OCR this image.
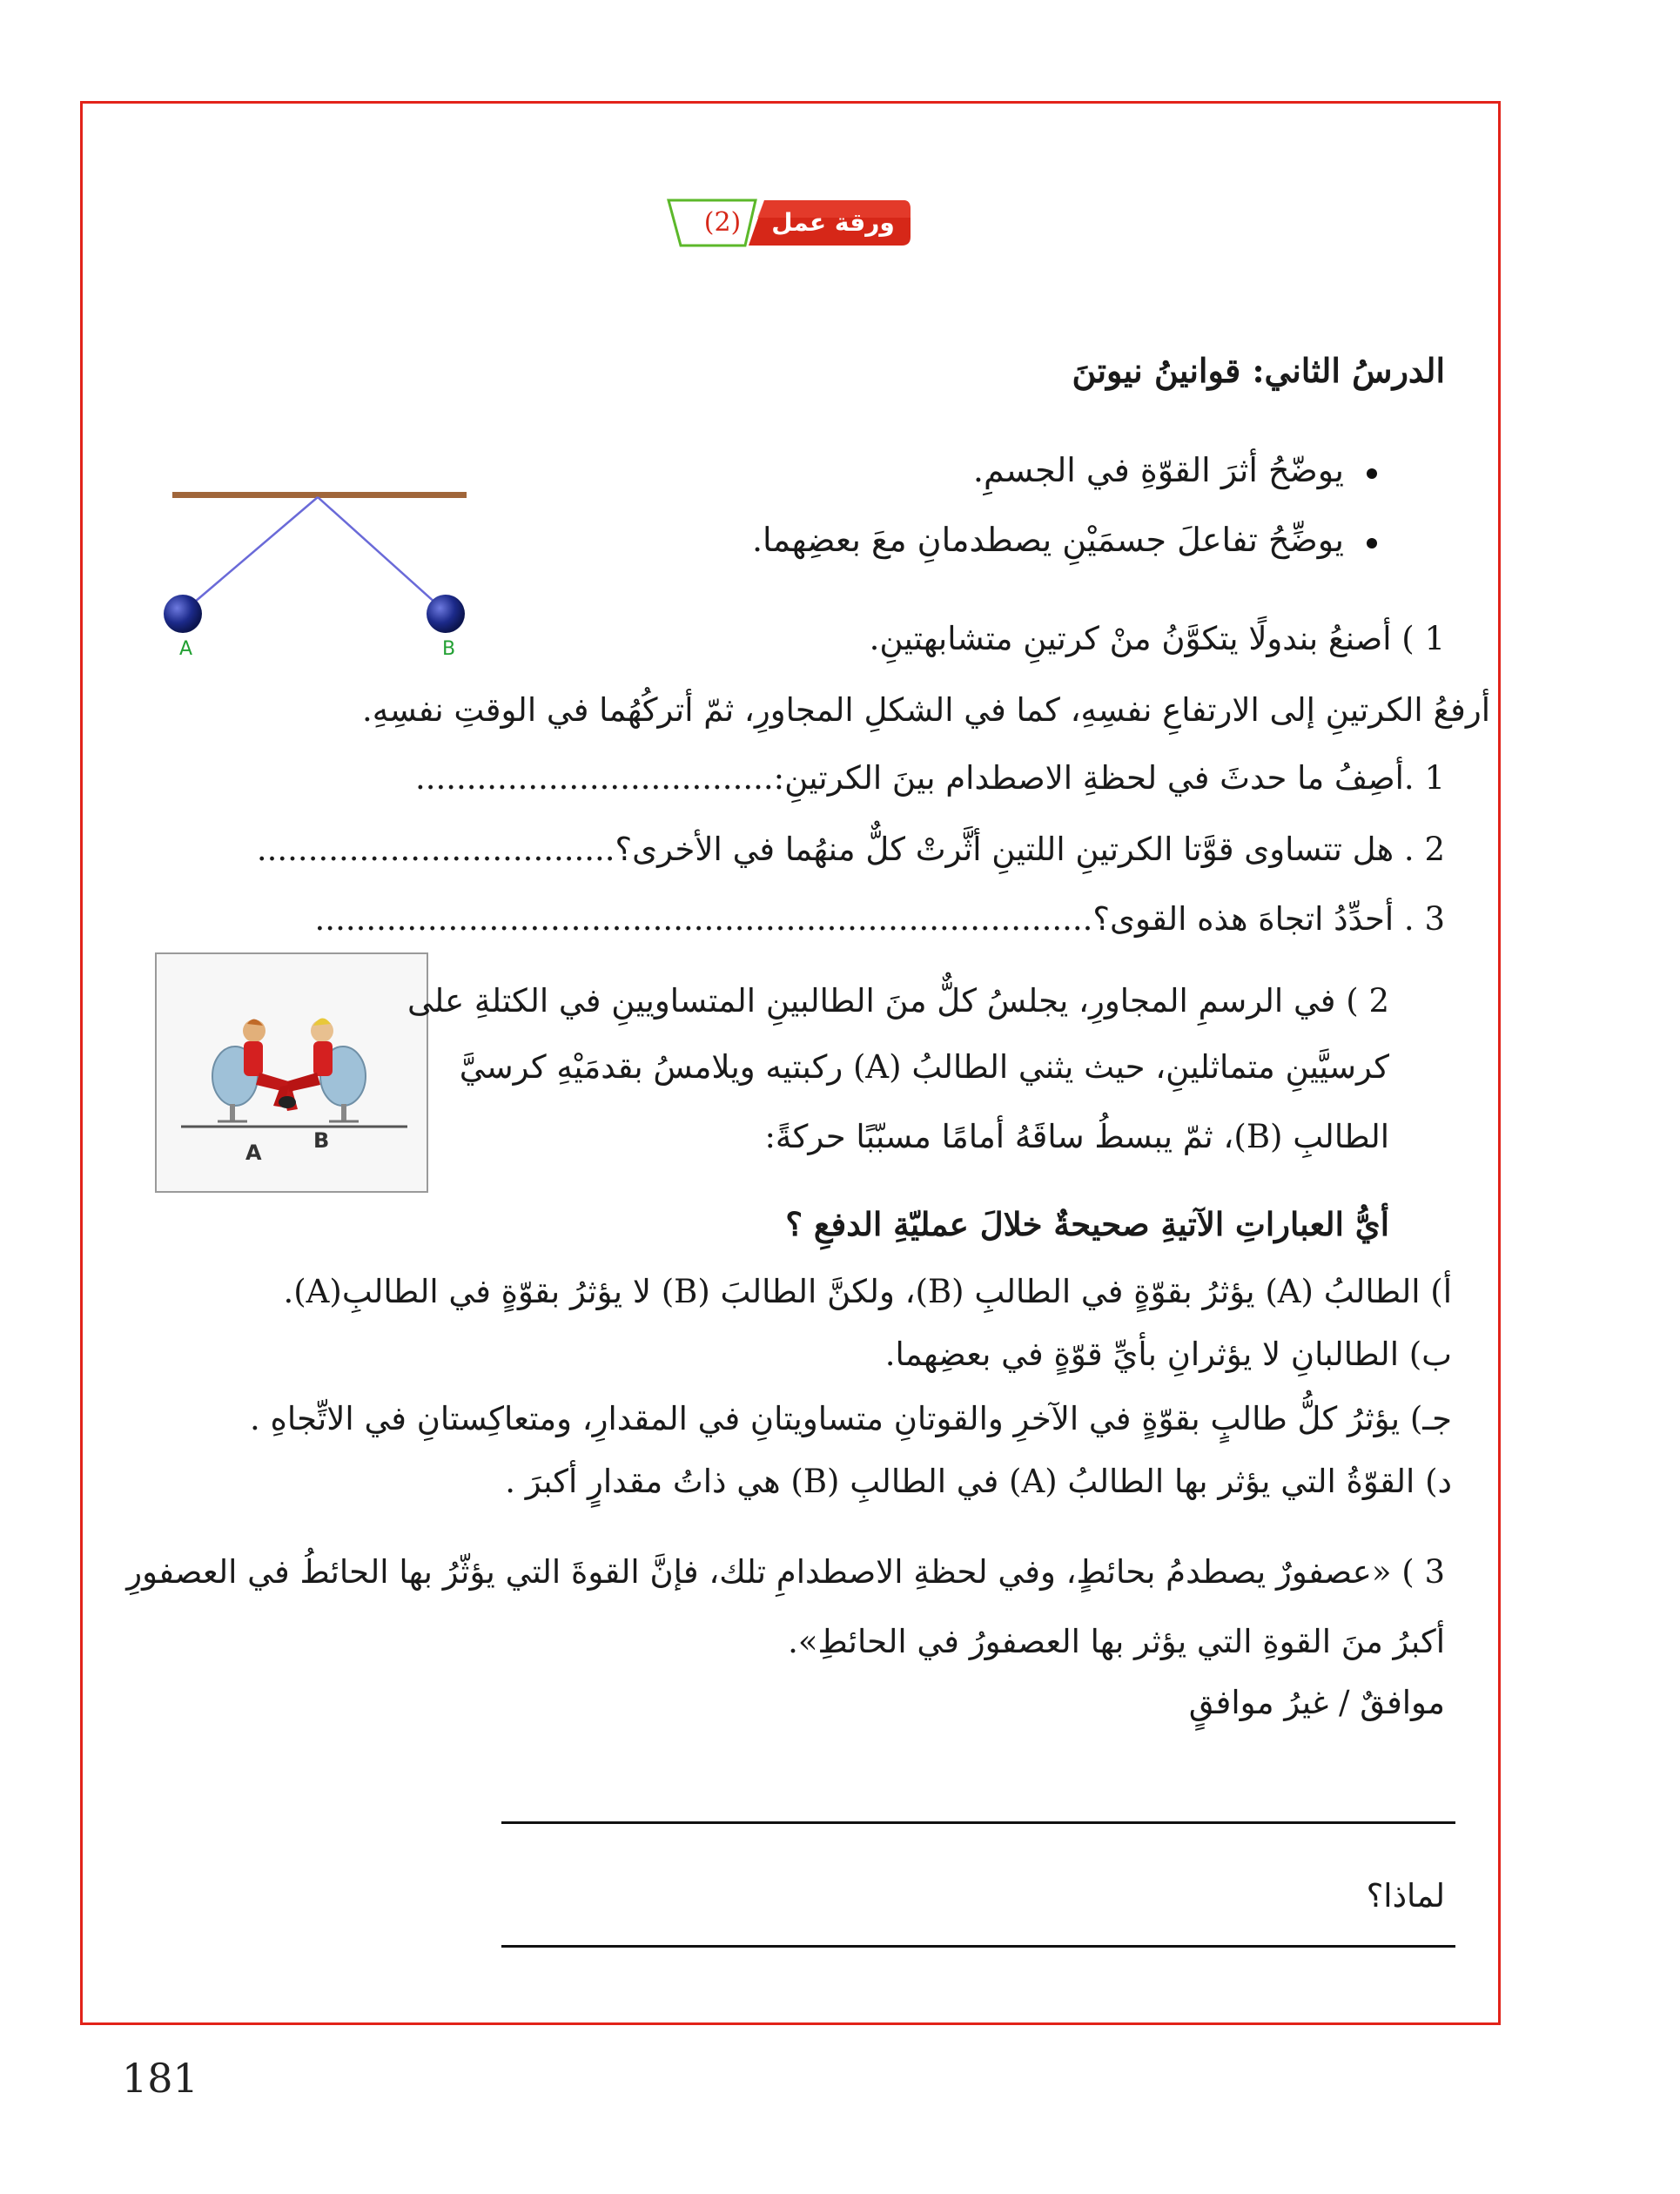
ورقة عمل
(2)
الدرسُ الثاني: قوانينُ نيوتنَ
يوضّحُ أثرَ القوّةِ في الجسمِ.
يوضِّحُ تفاعلَ جسمَيْنِ يصطدمانِ معَ بعضِهما.
A	B	1 ) أصنعُ بندولًا يتكوَّنُ منْ كرتينِ متشابهتينِ.
أرفعُ الكرتينِ إلى الارتفاعِ نفسِهِ، كما في الشكلِ المجاورِ، ثمّ أتركُهُما في الوقتِ نفسِهِ.
1 .أصِفُ ما حدثَ في لحظةِ الاصطدام بينَ الكرتينِ:...................................
2 . هل تتساوى قوَّتا الكرتينِ اللتينِ أثَّرتْ كلٌّ منهُما في الأخرى؟...................................
3 . أحدِّدُ اتجاهَ هذه القوى؟............................................................................
A B
2 ) في الرسمِ المجاورِ، يجلسُ كلٌّ منَ الطالبينِ المتساويينِ في الكتلةِ على
كرسيَّينِ متماثلينِ، حيث يثني الطالبُ (A) ركبتيه ويلامسُ بقدمَيْهِ كرسيَّ
الطالبِ (B)، ثمّ يبسطُ ساقَهُ أمامًا مسبّبًا حركةً:
أيُّ العباراتِ الآتيةِ صحيحةٌ خلالَ عمليّةِ الدفعِ ؟
أ) الطالبُ (A) يؤثرُ بقوّةٍ في الطالبِ (B)، ولكنَّ الطالبَ (B) لا يؤثرُ بقوّةٍ في الطالبِ(A).
ب) الطالبانِ لا يؤثرانِ بأيِّ قوّةٍ في بعضِهما.
جـ) يؤثرُ كلُّ طالبٍ بقوّةٍ في الآخرِ والقوتانِ متساويتانِ في المقدارِ، ومتعاكِستانِ في الاتِّجاهِ .
د) القوّةُ التي يؤثر بها الطالبُ (A) في الطالبِ (B) هي ذاتُ مقدارٍ أكبرَ .
3 ) «عصفورٌ يصطدمُ بحائطٍ، وفي لحظةِ الاصطدامِ تلك، فإنَّ القوةَ التي يؤثّرُ بها الحائطُ في العصفورِ
أكبرُ منَ القوةِ التي يؤثر بها العصفورُ في الحائطِ».
موافقٌ / غيرُ موافقٍ
لماذا؟
181
